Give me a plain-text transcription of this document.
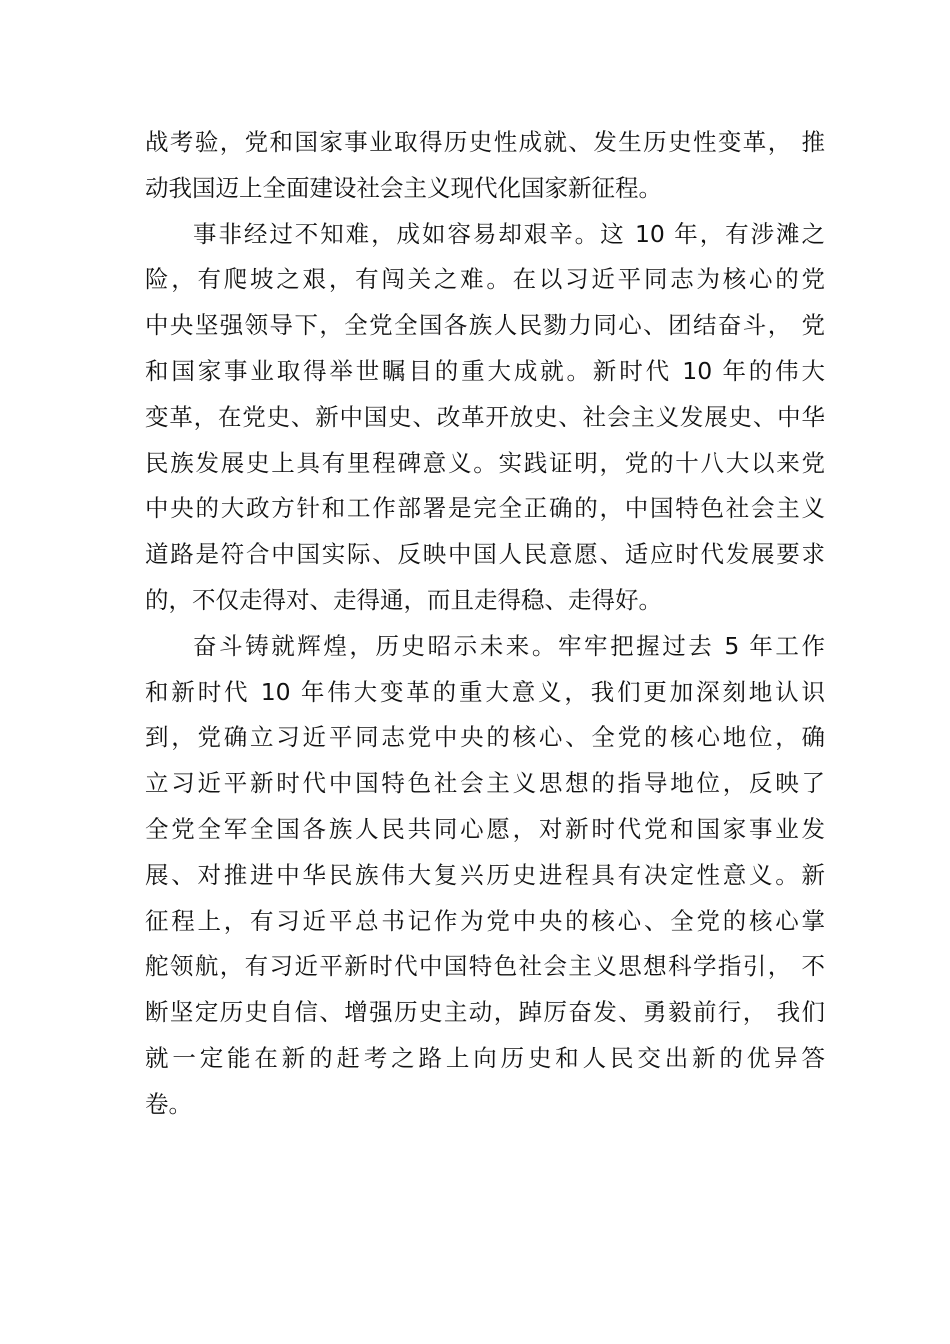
战考验，党和国家事业取得历史性成就、发生历史性变革， 推
动我国迈上全面建设社会主义现代化国家新征程。
事非经过不知难，成如容易却艰辛。这 10 年，有涉滩之
险，有爬坡之艰，有闯关之难。在以习近平同志为核心的党
中央坚强领导下，全党全国各族人民勠力同心、团结奋斗， 党
和国家事业取得举世瞩目的重大成就。新时代 10 年的伟大
变革，在党史、新中国史、改革开放史、社会主义发展史、中华
民族发展史上具有里程碑意义。实践证明，党的十八大以来党
中央的大政方针和工作部署是完全正确的，中国特色社会主义
道路是符合中国实际、反映中国人民意愿、适应时代发展要求
的，不仅走得对、走得通，而且走得稳、走得好。
奋斗铸就辉煌，历史昭示未来。牢牢把握过去 5 年工作
和新时代 10 年伟大变革的重大意义，我们更加深刻地认识
到，党确立习近平同志党中央的核心、全党的核心地位，确
立习近平新时代中国特色社会主义思想的指导地位，反映了
全党全军全国各族人民共同心愿，对新时代党和国家事业发
展、对推进中华民族伟大复兴历史进程具有决定性意义。新
征程上，有习近平总书记作为党中央的核心、全党的核心掌
舵领航，有习近平新时代中国特色社会主义思想科学指引， 不
断坚定历史自信、增强历史主动，踔厉奋发、勇毅前行， 我们
就一定能在新的赶考之路上向历史和人民交出新的优异答
卷。
